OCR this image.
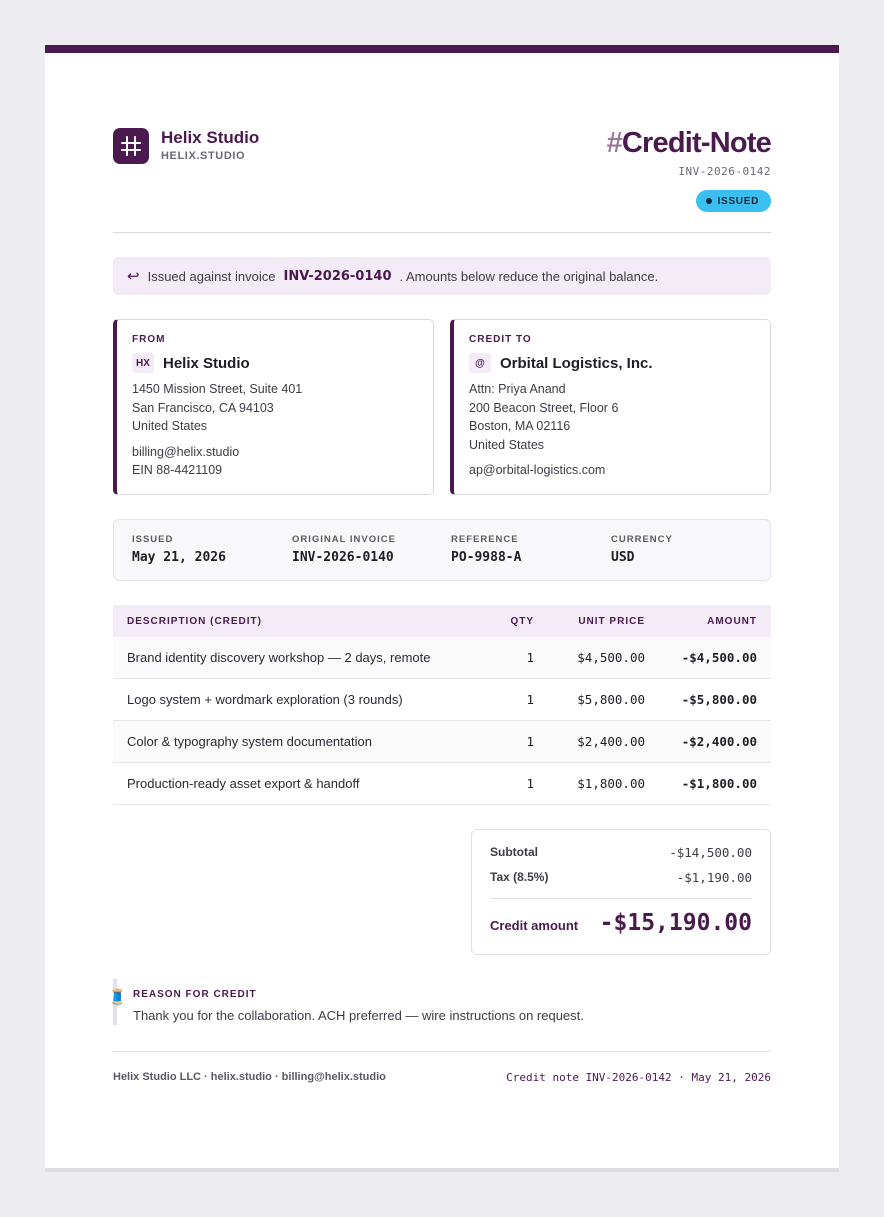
Helix Studio
HELIX.STUDIO	#Credit-Note
INV-2026-0142
ISSUED
↩ Issued against invoice INV-2026-0140 . Amounts below reduce the original balance.
FROM
HX Helix Studio
1450 Mission Street, Suite 401
San Francisco, CA 94103
United States
billing@helix.studio
EIN 88-4421109
CREDIT TO
@	Orbital Logistics, Inc.
Attn: Priya Anand
200 Beacon Street, Floor 6
Boston, MA 02116
United States
ap@orbital-logistics.com
ISSUED
May 21, 2026
ORIGINAL INVOICE
INV-2026-0140
REFERENCE
PO-9988-A
CURRENCY
USD
DESCRIPTION (CREDIT)	QTY	UNIT PRICE	AMOUNT
Brand identity discovery workshop — 2 days, remote	1	$4,500.00	-$4,500.00
Logo system + wordmark exploration (3 rounds)	1	$5,800.00	-$5,800.00
Color & typography system documentation	1	$2,400.00	-$2,400.00
Production-ready asset export & handoff	1	$1,800.00	-$1,800.00
Subtotal	-$14,500.00
Tax (8.5%)	-$1,190.00
Credit amount -$15,190.00
🧵 REASON FOR CREDIT
Thank you for the collaboration. ACH preferred — wire instructions on request.
Helix Studio LLC · helix.studio · billing@helix.studio	Credit note INV-2026-0142 · May 21, 2026
